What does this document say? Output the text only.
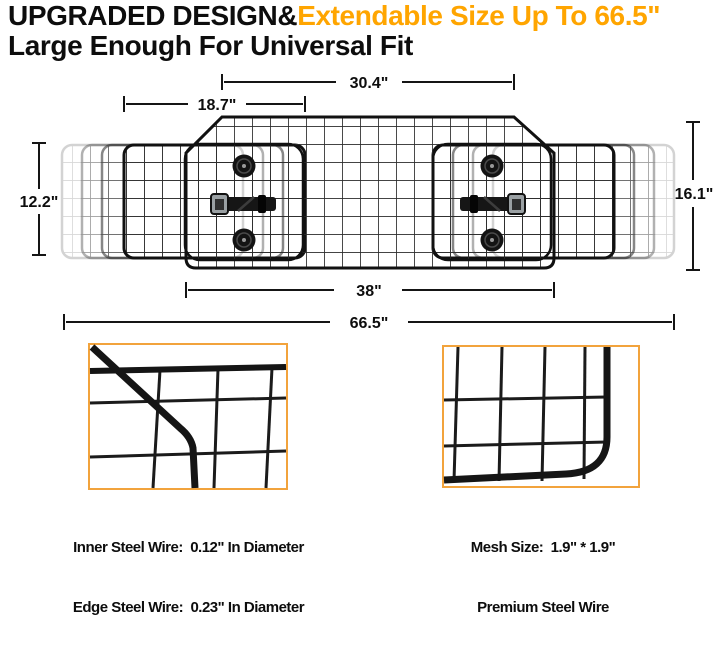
UPGRADED DESIGN&Extendable Size Up To 66.5"
Large Enough For Universal Fit
30.4"
18.7"
12.2"	16.1"
38"
66.5"

Inner Steel Wire:  0.12" In Diameter

Edge Steel Wire:  0.23" In Diameter

Mesh Size:  1.9" * 1.9"

Premium Steel Wire
